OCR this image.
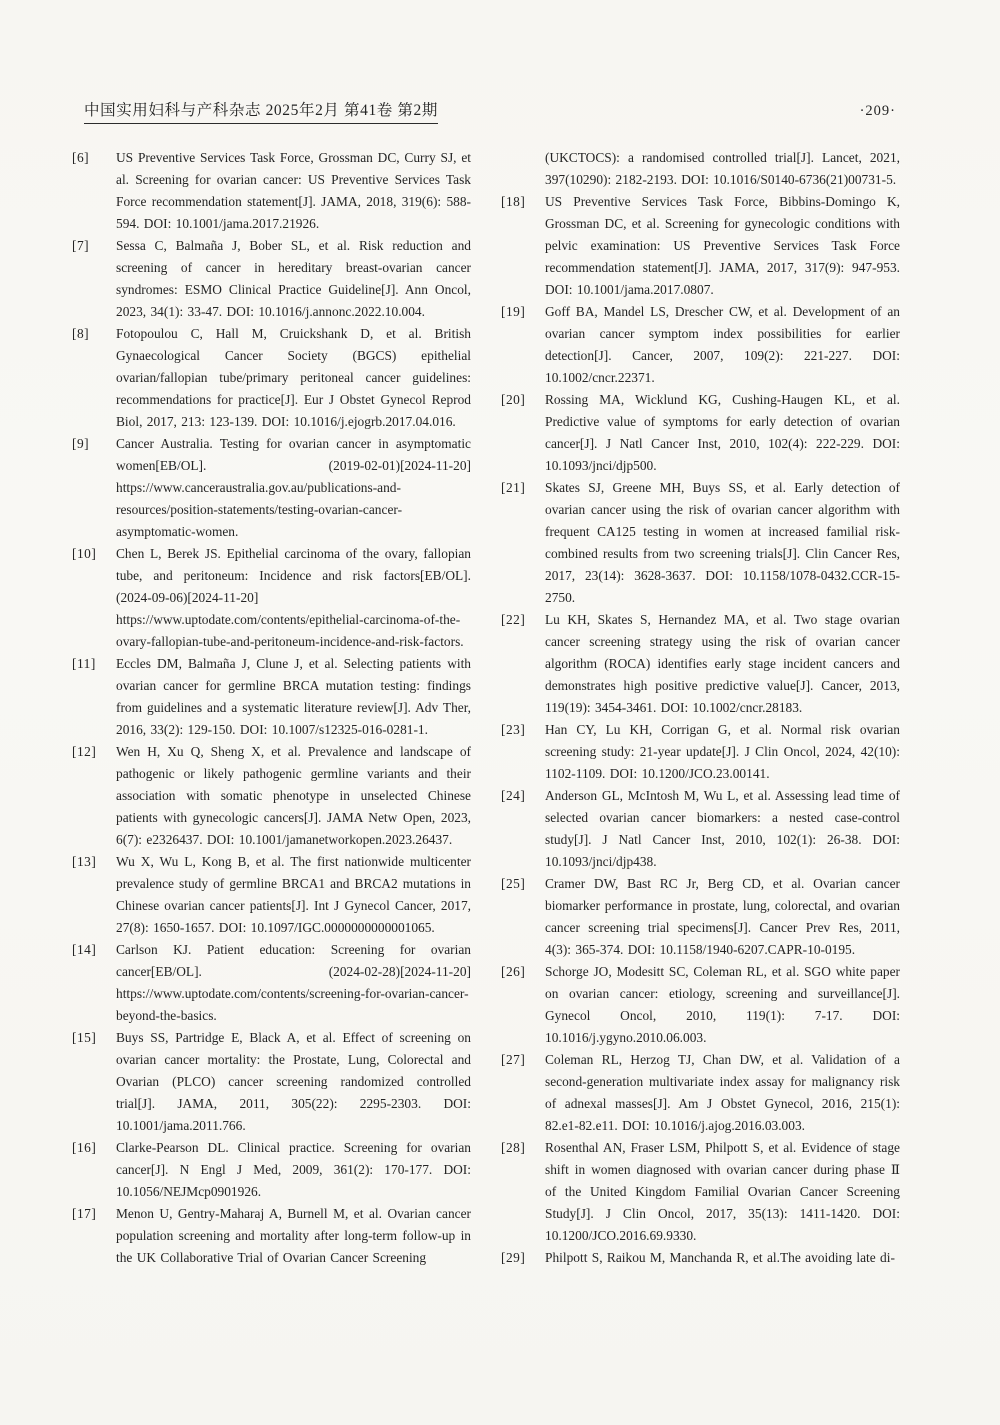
中国实用妇科与产科杂志 2025年2月 第41卷 第2期	·209·
[6]	US Preventive Services Task Force, Grossman DC, Curry SJ, et al. Screening for ovarian cancer: US Preventive Services Task Force recommendation statement[J]. JAMA, 2018, 319(6): 588-594. DOI: 10.1001/jama.2017.21926.

[7]	Sessa C, Balmaña J, Bober SL, et al. Risk reduction and screening of cancer in hereditary breast-ovarian cancer syndromes: ESMO Clinical Practice Guideline[J]. Ann Oncol, 2023, 34(1): 33-47. DOI: 10.1016/j.annonc.2022.10.004.

[8]	Fotopoulou C, Hall M, Cruickshank D, et al. British Gynaecological Cancer Society (BGCS) epithelial ovarian/fallopian tube/primary peritoneal cancer guidelines: recommendations for practice[J]. Eur J Obstet Gynecol Reprod Biol, 2017, 213: 123-139. DOI: 10.1016/j.ejogrb.2017.04.016.

[9]	Cancer Australia. Testing for ovarian cancer in asymptomatic women[EB/OL]. (2019-02-01)[2024-11-20] https://www.canceraustralia.gov.au/publications-and-resources/position-statements/testing-ovarian-cancer-asymptomatic-women.

[10]	Chen L, Berek JS. Epithelial carcinoma of the ovary, fallopian tube, and peritoneum: Incidence and risk factors[EB/OL]. (2024-09-06)[2024-11-20] https://www.uptodate.com/contents/epithelial-carcinoma-of-the-ovary-fallopian-tube-and-peritoneum-incidence-and-risk-factors.

[11]	Eccles DM, Balmaña J, Clune J, et al. Selecting patients with ovarian cancer for germline BRCA mutation testing: findings from guidelines and a systematic literature review[J]. Adv Ther, 2016, 33(2): 129-150. DOI: 10.1007/s12325-016-0281-1.

[12]	Wen H, Xu Q, Sheng X, et al. Prevalence and landscape of pathogenic or likely pathogenic germline variants and their association with somatic phenotype in unselected Chinese patients with gynecologic cancers[J]. JAMA Netw Open, 2023, 6(7): e2326437. DOI: 10.1001/jamanetworkopen.2023.26437.

[13]	Wu X, Wu L, Kong B, et al. The first nationwide multicenter prevalence study of germline BRCA1 and BRCA2 mutations in Chinese ovarian cancer patients[J]. Int J Gynecol Cancer, 2017, 27(8): 1650-1657. DOI: 10.1097/IGC.0000000000001065.

[14]	Carlson KJ. Patient education: Screening for ovarian cancer[EB/OL]. (2024-02-28)[2024-11-20] https://www.uptodate.com/contents/screening-for-ovarian-cancer-beyond-the-basics.

[15]	Buys SS, Partridge E, Black A, et al. Effect of screening on ovarian cancer mortality: the Prostate, Lung, Colorectal and Ovarian (PLCO) cancer screening randomized controlled trial[J]. JAMA, 2011, 305(22): 2295-2303. DOI: 10.1001/jama.2011.766.

[16]	Clarke-Pearson DL. Clinical practice. Screening for ovarian cancer[J]. N Engl J Med, 2009, 361(2): 170-177. DOI: 10.1056/NEJMcp0901926.

[17]	Menon U, Gentry-Maharaj A, Burnell M, et al. Ovarian cancer population screening and mortality after long-term follow-up in the UK Collaborative Trial of Ovarian Cancer Screening

(UKCTOCS): a randomised controlled trial[J]. Lancet, 2021, 397(10290): 2182-2193. DOI: 10.1016/S0140-6736(21)00731-5.

[18]	US Preventive Services Task Force, Bibbins-Domingo K, Grossman DC, et al. Screening for gynecologic conditions with pelvic examination: US Preventive Services Task Force recommendation statement[J]. JAMA, 2017, 317(9): 947-953. DOI: 10.1001/jama.2017.0807.

[19]	Goff BA, Mandel LS, Drescher CW, et al. Development of an ovarian cancer symptom index possibilities for earlier detection[J]. Cancer, 2007, 109(2): 221-227. DOI: 10.1002/cncr.22371.

[20]	Rossing MA, Wicklund KG, Cushing-Haugen KL, et al. Predictive value of symptoms for early detection of ovarian cancer[J]. J Natl Cancer Inst, 2010, 102(4): 222-229. DOI: 10.1093/jnci/djp500.

[21]	Skates SJ, Greene MH, Buys SS, et al. Early detection of ovarian cancer using the risk of ovarian cancer algorithm with frequent CA125 testing in women at increased familial risk-combined results from two screening trials[J]. Clin Cancer Res, 2017, 23(14): 3628-3637. DOI: 10.1158/1078-0432.CCR-15-2750.

[22]	Lu KH, Skates S, Hernandez MA, et al. Two stage ovarian cancer screening strategy using the risk of ovarian cancer algorithm (ROCA) identifies early stage incident cancers and demonstrates high positive predictive value[J]. Cancer, 2013, 119(19): 3454-3461. DOI: 10.1002/cncr.28183.

[23]	Han CY, Lu KH, Corrigan G, et al. Normal risk ovarian screening study: 21-year update[J]. J Clin Oncol, 2024, 42(10): 1102-1109. DOI: 10.1200/JCO.23.00141.

[24]	Anderson GL, McIntosh M, Wu L, et al. Assessing lead time of selected ovarian cancer biomarkers: a nested case-control study[J]. J Natl Cancer Inst, 2010, 102(1): 26-38. DOI: 10.1093/jnci/djp438.

[25]	Cramer DW, Bast RC Jr, Berg CD, et al. Ovarian cancer biomarker performance in prostate, lung, colorectal, and ovarian cancer screening trial specimens[J]. Cancer Prev Res, 2011, 4(3): 365-374. DOI: 10.1158/1940-6207.CAPR-10-0195.

[26]	Schorge JO, Modesitt SC, Coleman RL, et al. SGO white paper on ovarian cancer: etiology, screening and surveillance[J]. Gynecol Oncol, 2010, 119(1): 7-17. DOI: 10.1016/j.ygyno.2010.06.003.

[27]	Coleman RL, Herzog TJ, Chan DW, et al. Validation of a second-generation multivariate index assay for malignancy risk of adnexal masses[J]. Am J Obstet Gynecol, 2016, 215(1): 82.e1-82.e11. DOI: 10.1016/j.ajog.2016.03.003.

[28]	Rosenthal AN, Fraser LSM, Philpott S, et al. Evidence of stage shift in women diagnosed with ovarian cancer during phase Ⅱ of the United Kingdom Familial Ovarian Cancer Screening Study[J]. J Clin Oncol, 2017, 35(13): 1411-1420. DOI: 10.1200/JCO.2016.69.9330.

[29]	Philpott S, Raikou M, Manchanda R, et al.The avoiding late di-
